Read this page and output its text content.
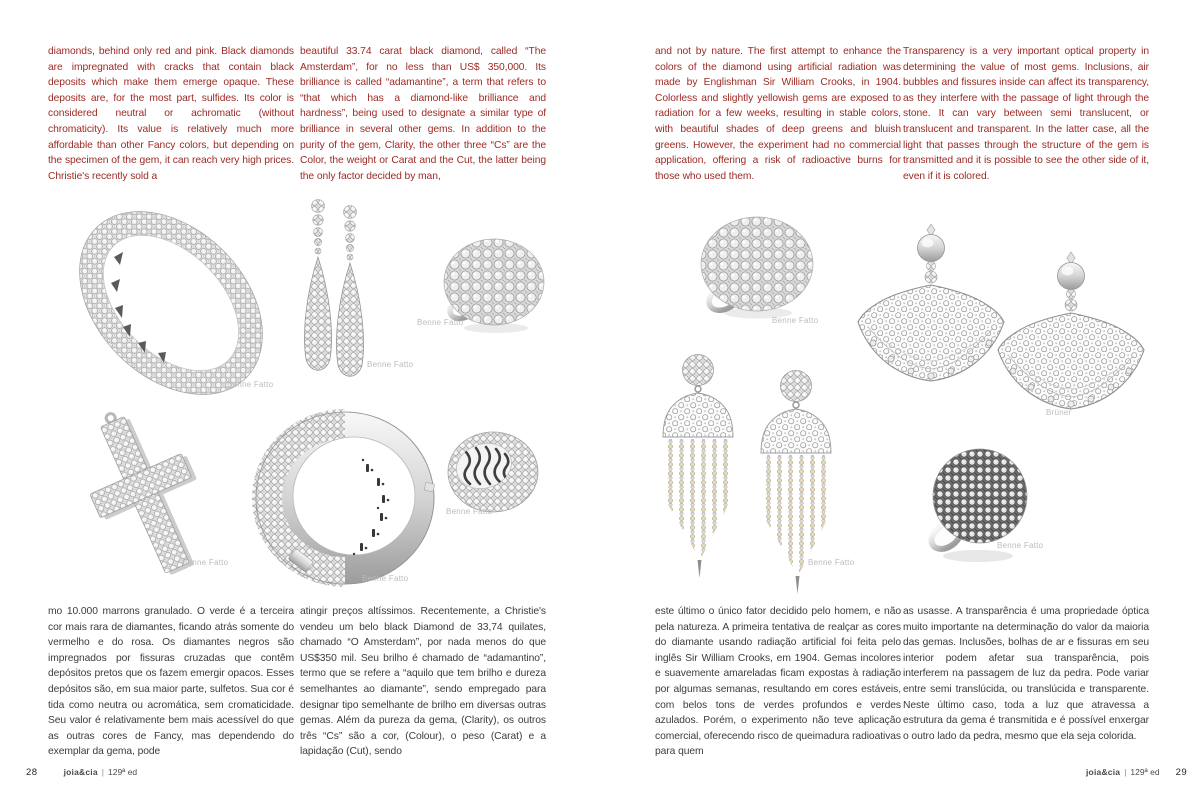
diamonds, behind only red and pink. Black diamonds are impregnated with cracks that contain black deposits which make them emerge opaque. These deposits are, for the most part, sulfides. Its color is considered neutral or achromatic (without chromaticity). Its value is relatively much more affordable than other Fancy colors, but depending on the specimen of the gem, it can reach very high prices. Christie's recently sold a
beautiful 33.74 carat black diamond, called “The Amsterdam”, for no less than US$ 350,000. Its brilliance is called “adamantine”, a term that refers to “that which has a diamond-like brilliance and hardness”, being used to designate a similar type of brilliance in several other gems. In addition to the purity of the gem, Clarity, the other three “Cs” are the Color, the weight or Carat and the Cut, the latter being the only factor decided by man,
and not by nature. The first attempt to enhance the colors of the diamond using artificial radiation was made by Englishman Sir William Crooks, in 1904. Colorless and slightly yellowish gems are exposed to radiation for a few weeks, resulting in stable colors, with beautiful shades of deep greens and bluish greens. However, the experiment had no commercial application, offering a risk of radioactive burns for those who used them.
Transparency is a very important optical property in determining the value of most gems. Inclusions, air bubbles and fissures inside can affect its transparency, as they interfere with the passage of light through the stone. It can vary between semi translucent, or translucent and transparent. In the latter case, all the light that passes through the structure of the gem is transmitted and it is possible to see the other side of it, even if it is colored.
mo 10.000 marrons granulado. O verde é a terceira cor mais rara de diamantes, ficando atrás somente do vermelho e do rosa. Os diamantes negros são impregnados por fissuras cruzadas que contêm depósitos pretos que os fazem emergir opacos. Esses depósitos são, em sua maior parte, sulfetos. Sua cor é tida como neutra ou acromática, sem cromaticidade. Seu valor é relativamente bem mais acessível do que as outras cores de Fancy, mas dependendo do exemplar da gema, pode
atingir preços altíssimos. Recentemente, a Christie's vendeu um belo black Diamond de 33,74 quilates, chamado “O Amsterdam”, por nada menos do que US$350 mil. Seu brilho é chamado de “adamantino”, termo que se refere a “aquilo que tem brilho e dureza semelhantes ao diamante”, sendo empregado para designar tipo semelhante de brilho em diversas outras gemas. Além da pureza da gema, (Clarity), os outros três “Cs” são a cor, (Colour), o peso (Carat) e a lapidação (Cut), sendo
este último o único fator decidido pelo homem, e não pela natureza. A primeira tentativa de realçar as cores do diamante usando radiação artificial foi feita pelo inglês Sir William Crooks, em 1904. Gemas incolores e suavemente amareladas ficam expostas à radiação por algumas semanas, resultando em cores estáveis, com belos tons de verdes profundos e verdes azulados. Porém, o experimento não teve aplicação comercial, oferecendo risco de queimadura radioativas para quem
as usasse. A transparência é uma propriedade óptica muito importante na determinação do valor da maioria das gemas. Inclusões, bolhas de ar e fissuras em seu interior podem afetar sua transparência, pois interferem na passagem de luz da pedra. Pode variar entre semi translúcida, ou translúcida e transparente. Neste último caso, toda a luz que atravessa a estrutura da gema é transmitida e é possível enxergar o outro lado da pedra, mesmo que ela seja colorida.
Benne Fatto
Benne Fatto
Benne Fatto
Benne Fatto
Benne Fatto
Benne Fatto
Benne Fatto
Brüner
Benne Fatto
Benne Fatto
28	joia&cia | 129ª ed	joia&cia | 129ª ed 29
